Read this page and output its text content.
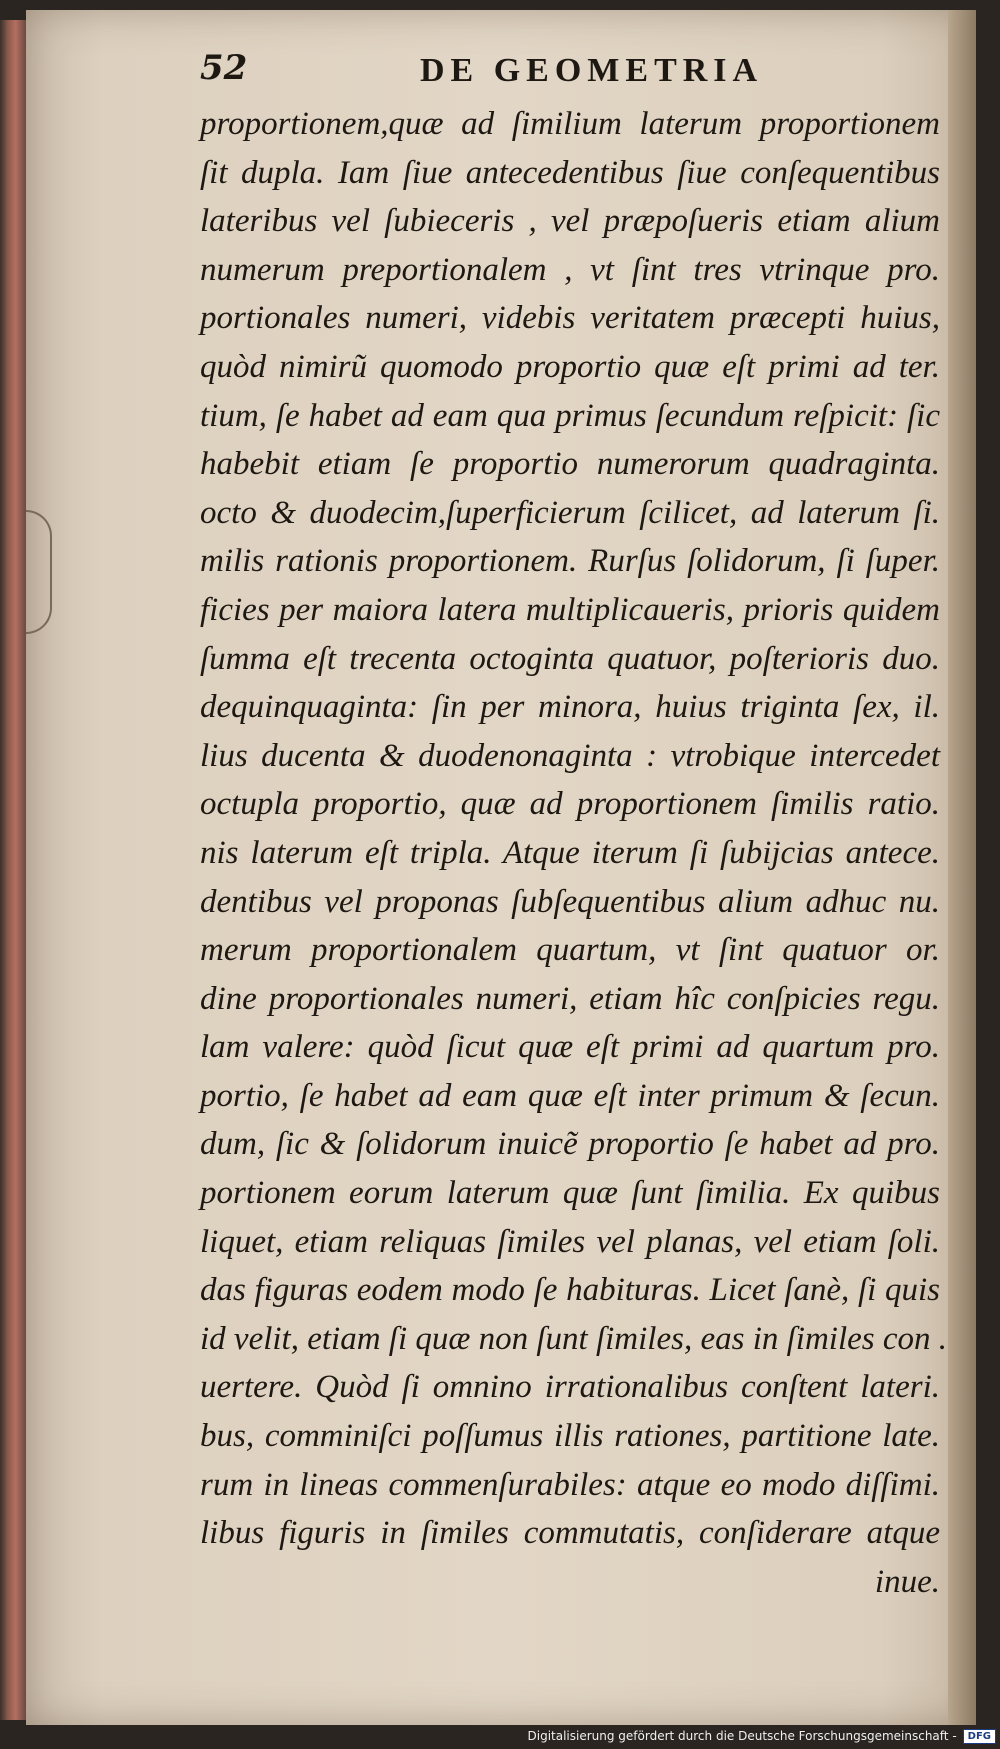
52	DE GEOMETRIA
proportionem,quæ ad ſimilium laterum proportionem
ſit dupla. Iam ſiue antecedentibus ſiue conſequentibus
lateribus vel ſubieceris , vel præpoſueris etiam alium
numerum preportionalem , vt ſint tres vtrinque pro.
portionales numeri, videbis veritatem præcepti huius,
quòd nimirũ quomodo proportio quæ eſt primi ad ter.
tium, ſe habet ad eam qua primus ſecundum reſpicit: ſic
habebit etiam ſe proportio numerorum quadraginta.
octo & duodecim,ſuperficierum ſcilicet, ad laterum ſi.
milis rationis proportionem. Rurſus ſolidorum, ſi ſuper.
ficies per maiora latera multiplicaueris, prioris quidem
ſumma eſt trecenta octoginta quatuor, poſterioris duo.
dequinquaginta: ſin per minora, huius triginta ſex, il.
lius ducenta & duodenonaginta : vtrobique intercedet
octupla proportio, quæ ad proportionem ſimilis ratio.
nis laterum eſt tripla. Atque iterum ſi ſubijcias antece.
dentibus vel proponas ſubſequentibus alium adhuc nu.
merum proportionalem quartum, vt ſint quatuor or.
dine proportionales numeri, etiam hîc conſpicies regu.
lam valere: quòd ſicut quæ eſt primi ad quartum pro.
portio, ſe habet ad eam quæ eſt inter primum & ſecun.
dum, ſic & ſolidorum inuicẽ proportio ſe habet ad pro.
portionem eorum laterum quæ ſunt ſimilia. Ex quibus
liquet, etiam reliquas ſimiles vel planas, vel etiam ſoli.
das figuras eodem modo ſe habituras. Licet ſanè, ſi quis
id velit, etiam ſi quæ non ſunt ſimiles, eas in ſimiles con .
uertere. Quòd ſi omnino irrationalibus conſtent lateri.
bus, comminiſci poſſumus illis rationes, partitione late.
rum in lineas commenſurabiles: atque eo modo diſſimi.
libus figuris in ſimiles commutatis, conſiderare atque
inue.
Digitalisierung gefördert durch die Deutsche Forschungsgemeinschaft -	DFG
